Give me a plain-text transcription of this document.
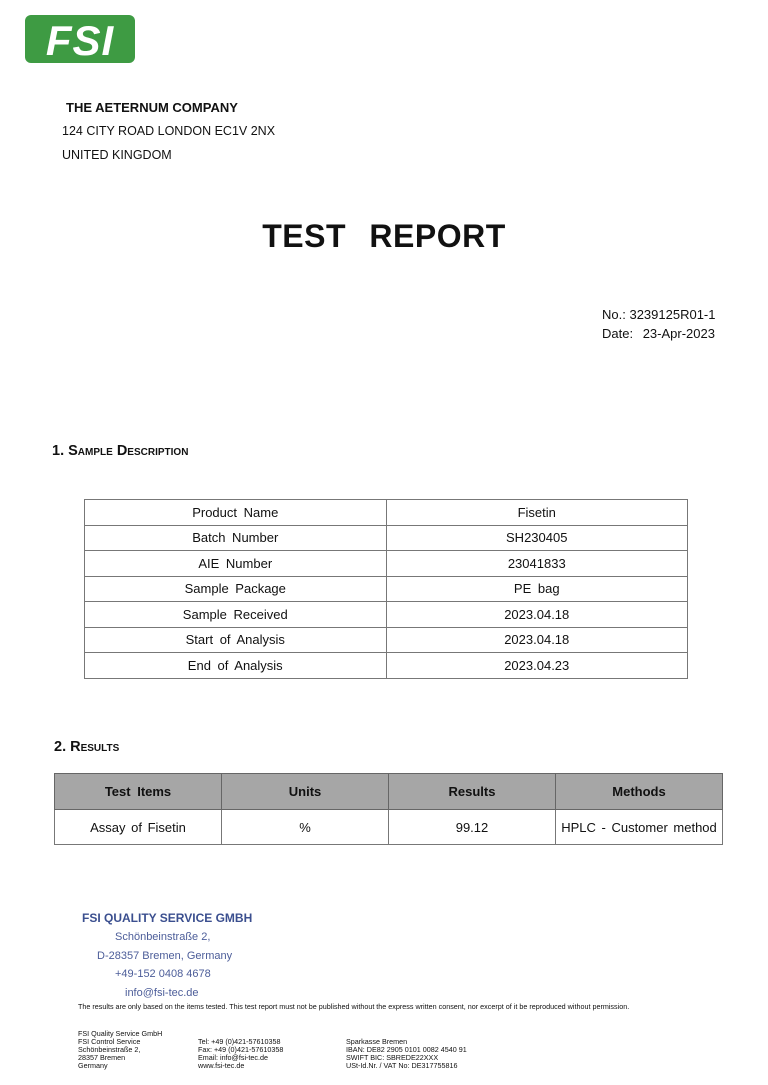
FSI
THE AETERNUM COMPANY
124 CITY ROAD LONDON EC1V 2NX
UNITED KINGDOM
TEST REPORT
No.: 3239125R01-1
Date: 23-Apr-2023
1. Sample Description
Product Name	Fisetin
Batch Number	SH230405
AIE Number	23041833
Sample Package	PE bag
Sample Received	2023.04.18
Start of Analysis	2023.04.18
End of Analysis	2023.04.23
2. Results
Test Items	Units	Results	Methods
Assay of Fisetin	%	99.12	HPLC - Customer method
FSI QUALITY SERVICE GMBH
Schönbeinstraße 2,
D-28357 Bremen, Germany
+49-152 0408 4678
info@fsi-tec.de
The results are only based on the items tested. This test report must not be published without the express written consent, nor excerpt of it be reproduced without permission.
FSI Quality Service GmbH
FSI Control Service
Schönbeinstraße 2,
28357 Bremen
Germany
Tel: +49 (0)421-57610358
Fax: +49 (0)421-57610358
Email: info@fsi-tec.de
www.fsi-tec.de
Sparkasse Bremen
IBAN: DE82 2905 0101 0082 4540 91
SWIFT BIC: SBREDE22XXX
USt-Id.Nr. / VAT No: DE317755816
